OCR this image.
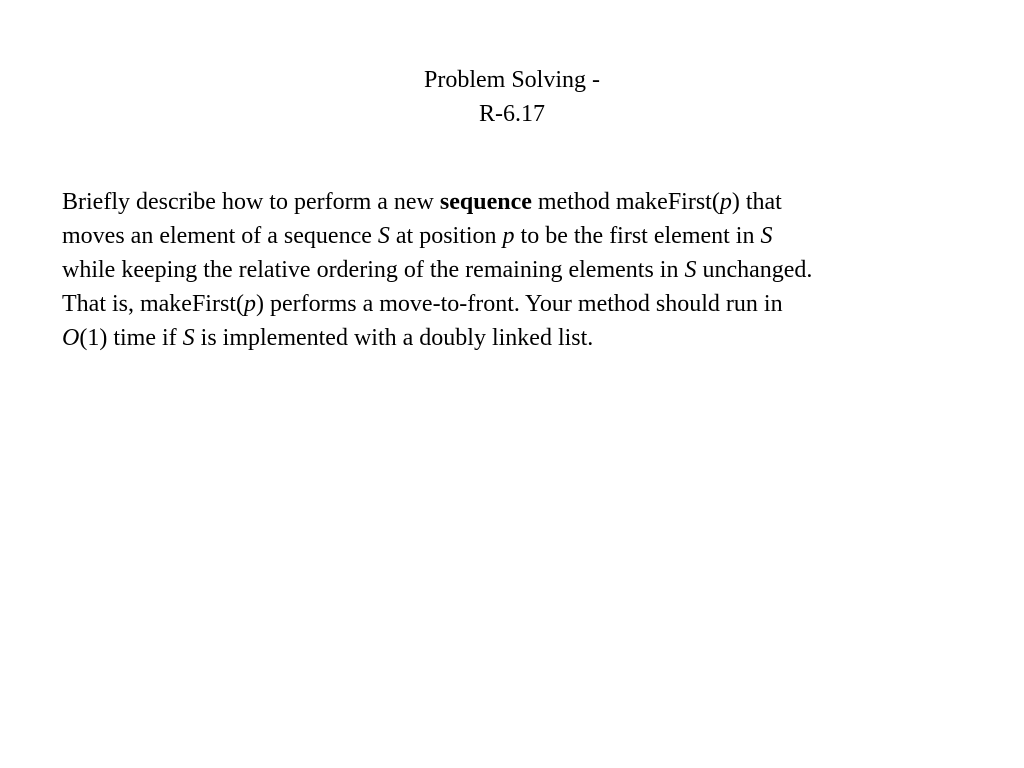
Problem Solving -
R-6.17
Briefly describe how to perform a new sequence method makeFirst(p) that
moves an element of a sequence S at position p to be the first element in S
while keeping the relative ordering of the remaining elements in S unchanged.
That is, makeFirst(p) performs a move-to-front. Your method should run in
O(1) time if S is implemented with a doubly linked list.
